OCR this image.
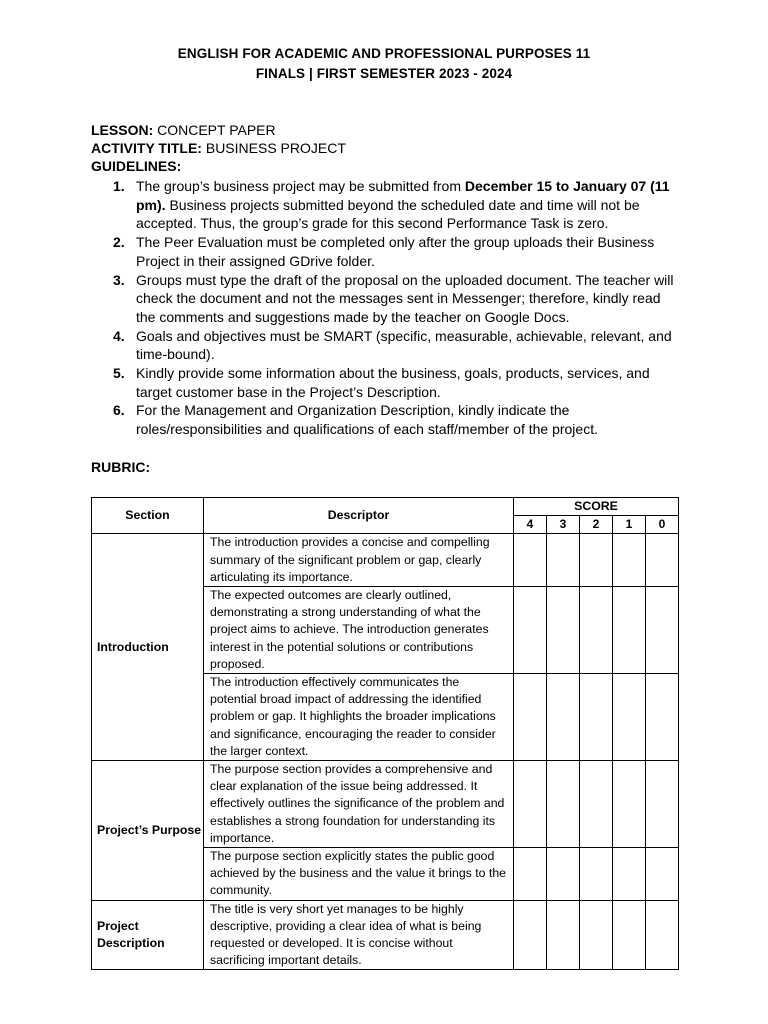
ENGLISH FOR ACADEMIC AND PROFESSIONAL PURPOSES 11
FINALS | FIRST SEMESTER 2023 - 2024
LESSON: CONCEPT PAPER
ACTIVITY TITLE: BUSINESS PROJECT
GUIDELINES:
1. The group’s business project may be submitted from December 15 to January 07 (11 pm). Business projects submitted beyond the scheduled date and time will not be accepted. Thus, the group’s grade for this second Performance Task is zero.
2. The Peer Evaluation must be completed only after the group uploads their Business Project in their assigned GDrive folder.
3. Groups must type the draft of the proposal on the uploaded document. The teacher will check the document and not the messages sent in Messenger; therefore, kindly read the comments and suggestions made by the teacher on Google Docs.
4. Goals and objectives must be SMART (specific, measurable, achievable, relevant, and time-bound).
5. Kindly provide some information about the business, goals, products, services, and target customer base in the Project’s Description.
6. For the Management and Organization Description, kindly indicate the roles/responsibilities and qualifications of each staff/member of the project.
RUBRIC:
Section	Descriptor	SCORE				
		4	3	2	1	0
Introduction	The introduction provides a concise and compelling summary of the significant problem or gap, clearly articulating its importance.					
	The expected outcomes are clearly outlined, demonstrating a strong understanding of what the project aims to achieve. The introduction generates interest in the potential solutions or contributions proposed.					
	The introduction effectively communicates the potential broad impact of addressing the identified problem or gap. It highlights the broader implications and significance, encouraging the reader to consider the larger context.					
Project’s Purpose	The purpose section provides a comprehensive and clear explanation of the issue being addressed. It effectively outlines the significance of the problem and establishes a strong foundation for understanding its importance.					
	The purpose section explicitly states the public good achieved by the business and the value it brings to the community.					
Project Description	The title is very short yet manages to be highly descriptive, providing a clear idea of what is being requested or developed. It is concise without sacrificing important details.					
